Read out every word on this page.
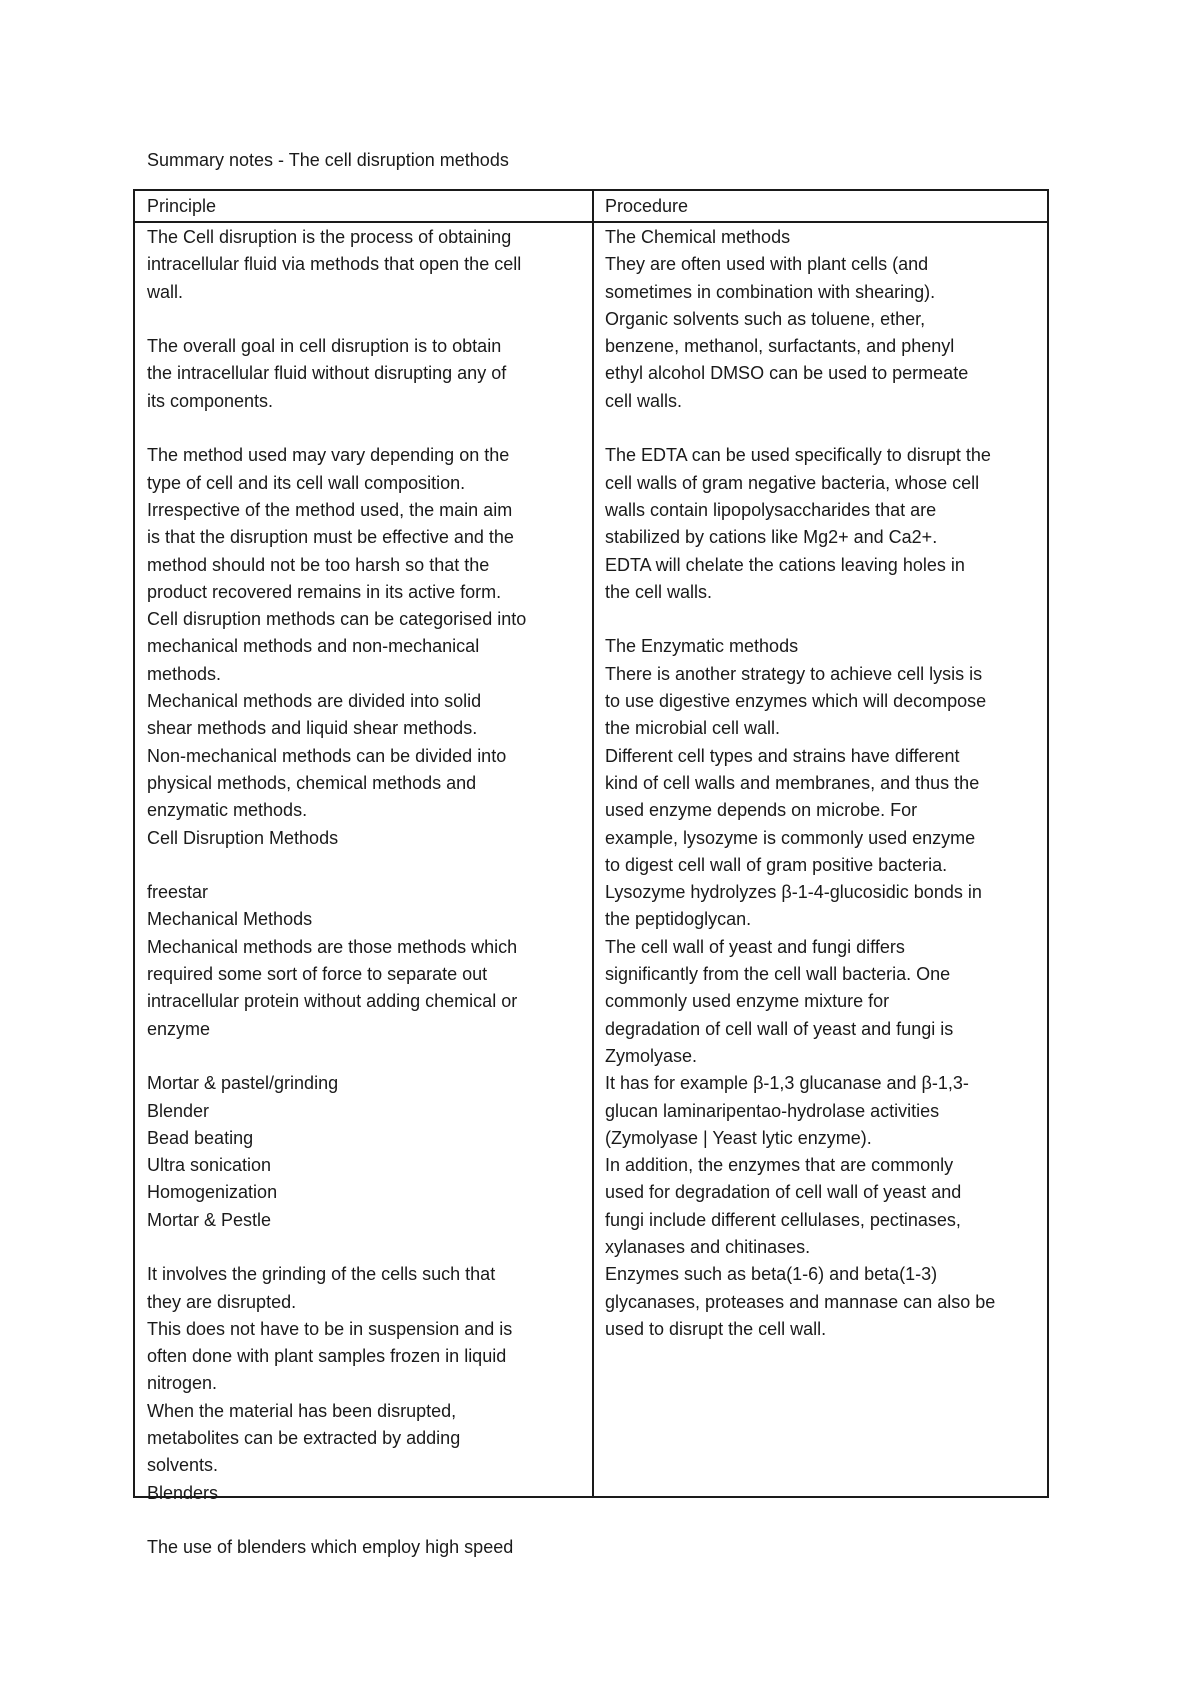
Summary notes - The cell disruption methods
Principle	Procedure
The Cell disruption is the process of obtaining
intracellular fluid via methods that open the cell
wall.
The overall goal in cell disruption is to obtain
the intracellular fluid without disrupting any of
its components.
The method used may vary depending on the
type of cell and its cell wall composition.
Irrespective of the method used, the main aim
is that the disruption must be effective and the
method should not be too harsh so that the
product recovered remains in its active form.
Cell disruption methods can be categorised into
mechanical methods and non-mechanical
methods.
Mechanical methods are divided into solid
shear methods and liquid shear methods.
Non-mechanical methods can be divided into
physical methods, chemical methods and
enzymatic methods.
Cell Disruption Methods
freestar
Mechanical Methods
Mechanical methods are those methods which
required some sort of force to separate out
intracellular protein without adding chemical or
enzyme
Mortar & pastel/grinding
Blender
Bead beating
Ultra sonication
Homogenization
Mortar & Pestle
It involves the grinding of the cells such that
they are disrupted.
This does not have to be in suspension and is
often done with plant samples frozen in liquid
nitrogen.
When the material has been disrupted,
metabolites can be extracted by adding
solvents.
Blenders
The use of blenders which employ high speed
The Chemical methods
They are often used with plant cells (and
sometimes in combination with shearing).
Organic solvents such as toluene, ether,
benzene, methanol, surfactants, and phenyl
ethyl alcohol DMSO can be used to permeate
cell walls.
The EDTA can be used specifically to disrupt the
cell walls of gram negative bacteria, whose cell
walls contain lipopolysaccharides that are
stabilized by cations like Mg2+ and Ca2+.
EDTA will chelate the cations leaving holes in
the cell walls.
The Enzymatic methods
There is another strategy to achieve cell lysis is
to use digestive enzymes which will decompose
the microbial cell wall.
Different cell types and strains have different
kind of cell walls and membranes, and thus the
used enzyme depends on microbe. For
example, lysozyme is commonly used enzyme
to digest cell wall of gram positive bacteria.
Lysozyme hydrolyzes β-1-4-glucosidic bonds in
the peptidoglycan.
The cell wall of yeast and fungi differs
significantly from the cell wall bacteria. One
commonly used enzyme mixture for
degradation of cell wall of yeast and fungi is
Zymolyase.
It has for example β-1,3 glucanase and β-1,3-
glucan laminaripentao-hydrolase activities
(Zymolyase | Yeast lytic enzyme).
In addition, the enzymes that are commonly
used for degradation of cell wall of yeast and
fungi include different cellulases, pectinases,
xylanases and chitinases.
Enzymes such as beta(1-6) and beta(1-3)
glycanases, proteases and mannase can also be
used to disrupt the cell wall.
